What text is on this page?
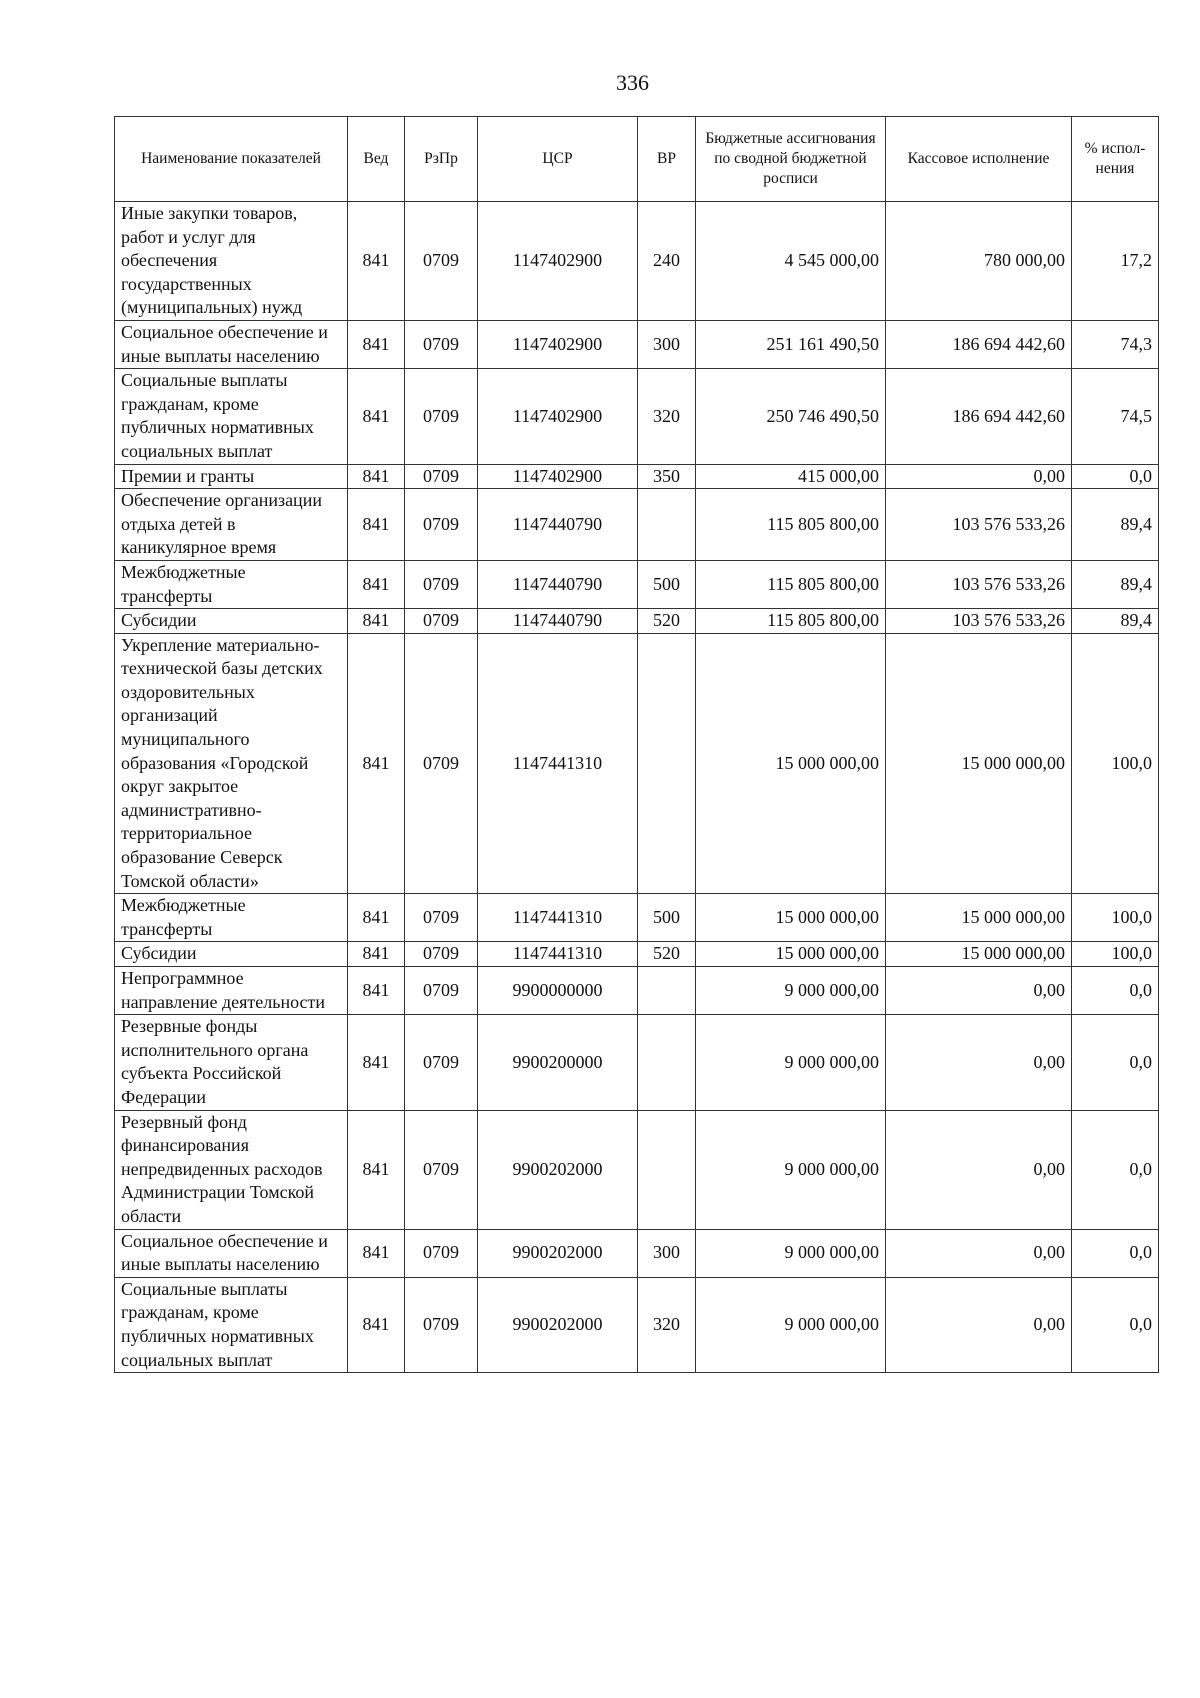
336
Наименование показателей	Вед	РзПр	ЦСР	ВР	Бюджетные ассигнования по сводной бюджетной росписи	Кассовое исполнение	% испол-нения
Иные закупки товаров, работ и услуг для обеспечения государственных (муниципальных) нужд	841	0709	1147402900	240	4 545 000,00	780 000,00	17,2
Социальное обеспечение и иные выплаты населению	841	0709	1147402900	300	251 161 490,50	186 694 442,60	74,3
Социальные выплаты гражданам, кроме публичных нормативных социальных выплат	841	0709	1147402900	320	250 746 490,50	186 694 442,60	74,5
Премии и гранты	841	0709	1147402900	350	415 000,00	0,00	0,0
Обеспечение организации отдыха детей в каникулярное время	841	0709	1147440790		115 805 800,00	103 576 533,26	89,4
Межбюджетные трансферты	841	0709	1147440790	500	115 805 800,00	103 576 533,26	89,4
Субсидии	841	0709	1147440790	520	115 805 800,00	103 576 533,26	89,4
Укрепление материально-технической базы детских оздоровительных организаций муниципального образования «Городской округ закрытое административно-территориальное образование Северск Томской области»	841	0709	1147441310		15 000 000,00	15 000 000,00	100,0
Межбюджетные трансферты	841	0709	1147441310	500	15 000 000,00	15 000 000,00	100,0
Субсидии	841	0709	1147441310	520	15 000 000,00	15 000 000,00	100,0
Непрограммное направление деятельности	841	0709	9900000000		9 000 000,00	0,00	0,0
Резервные фонды исполнительного органа субъекта Российской Федерации	841	0709	9900200000		9 000 000,00	0,00	0,0
Резервный фонд финансирования непредвиденных расходов Администрации Томской области	841	0709	9900202000		9 000 000,00	0,00	0,0
Социальное обеспечение и иные выплаты населению	841	0709	9900202000	300	9 000 000,00	0,00	0,0
Социальные выплаты гражданам, кроме публичных нормативных социальных выплат	841	0709	9900202000	320	9 000 000,00	0,00	0,0
